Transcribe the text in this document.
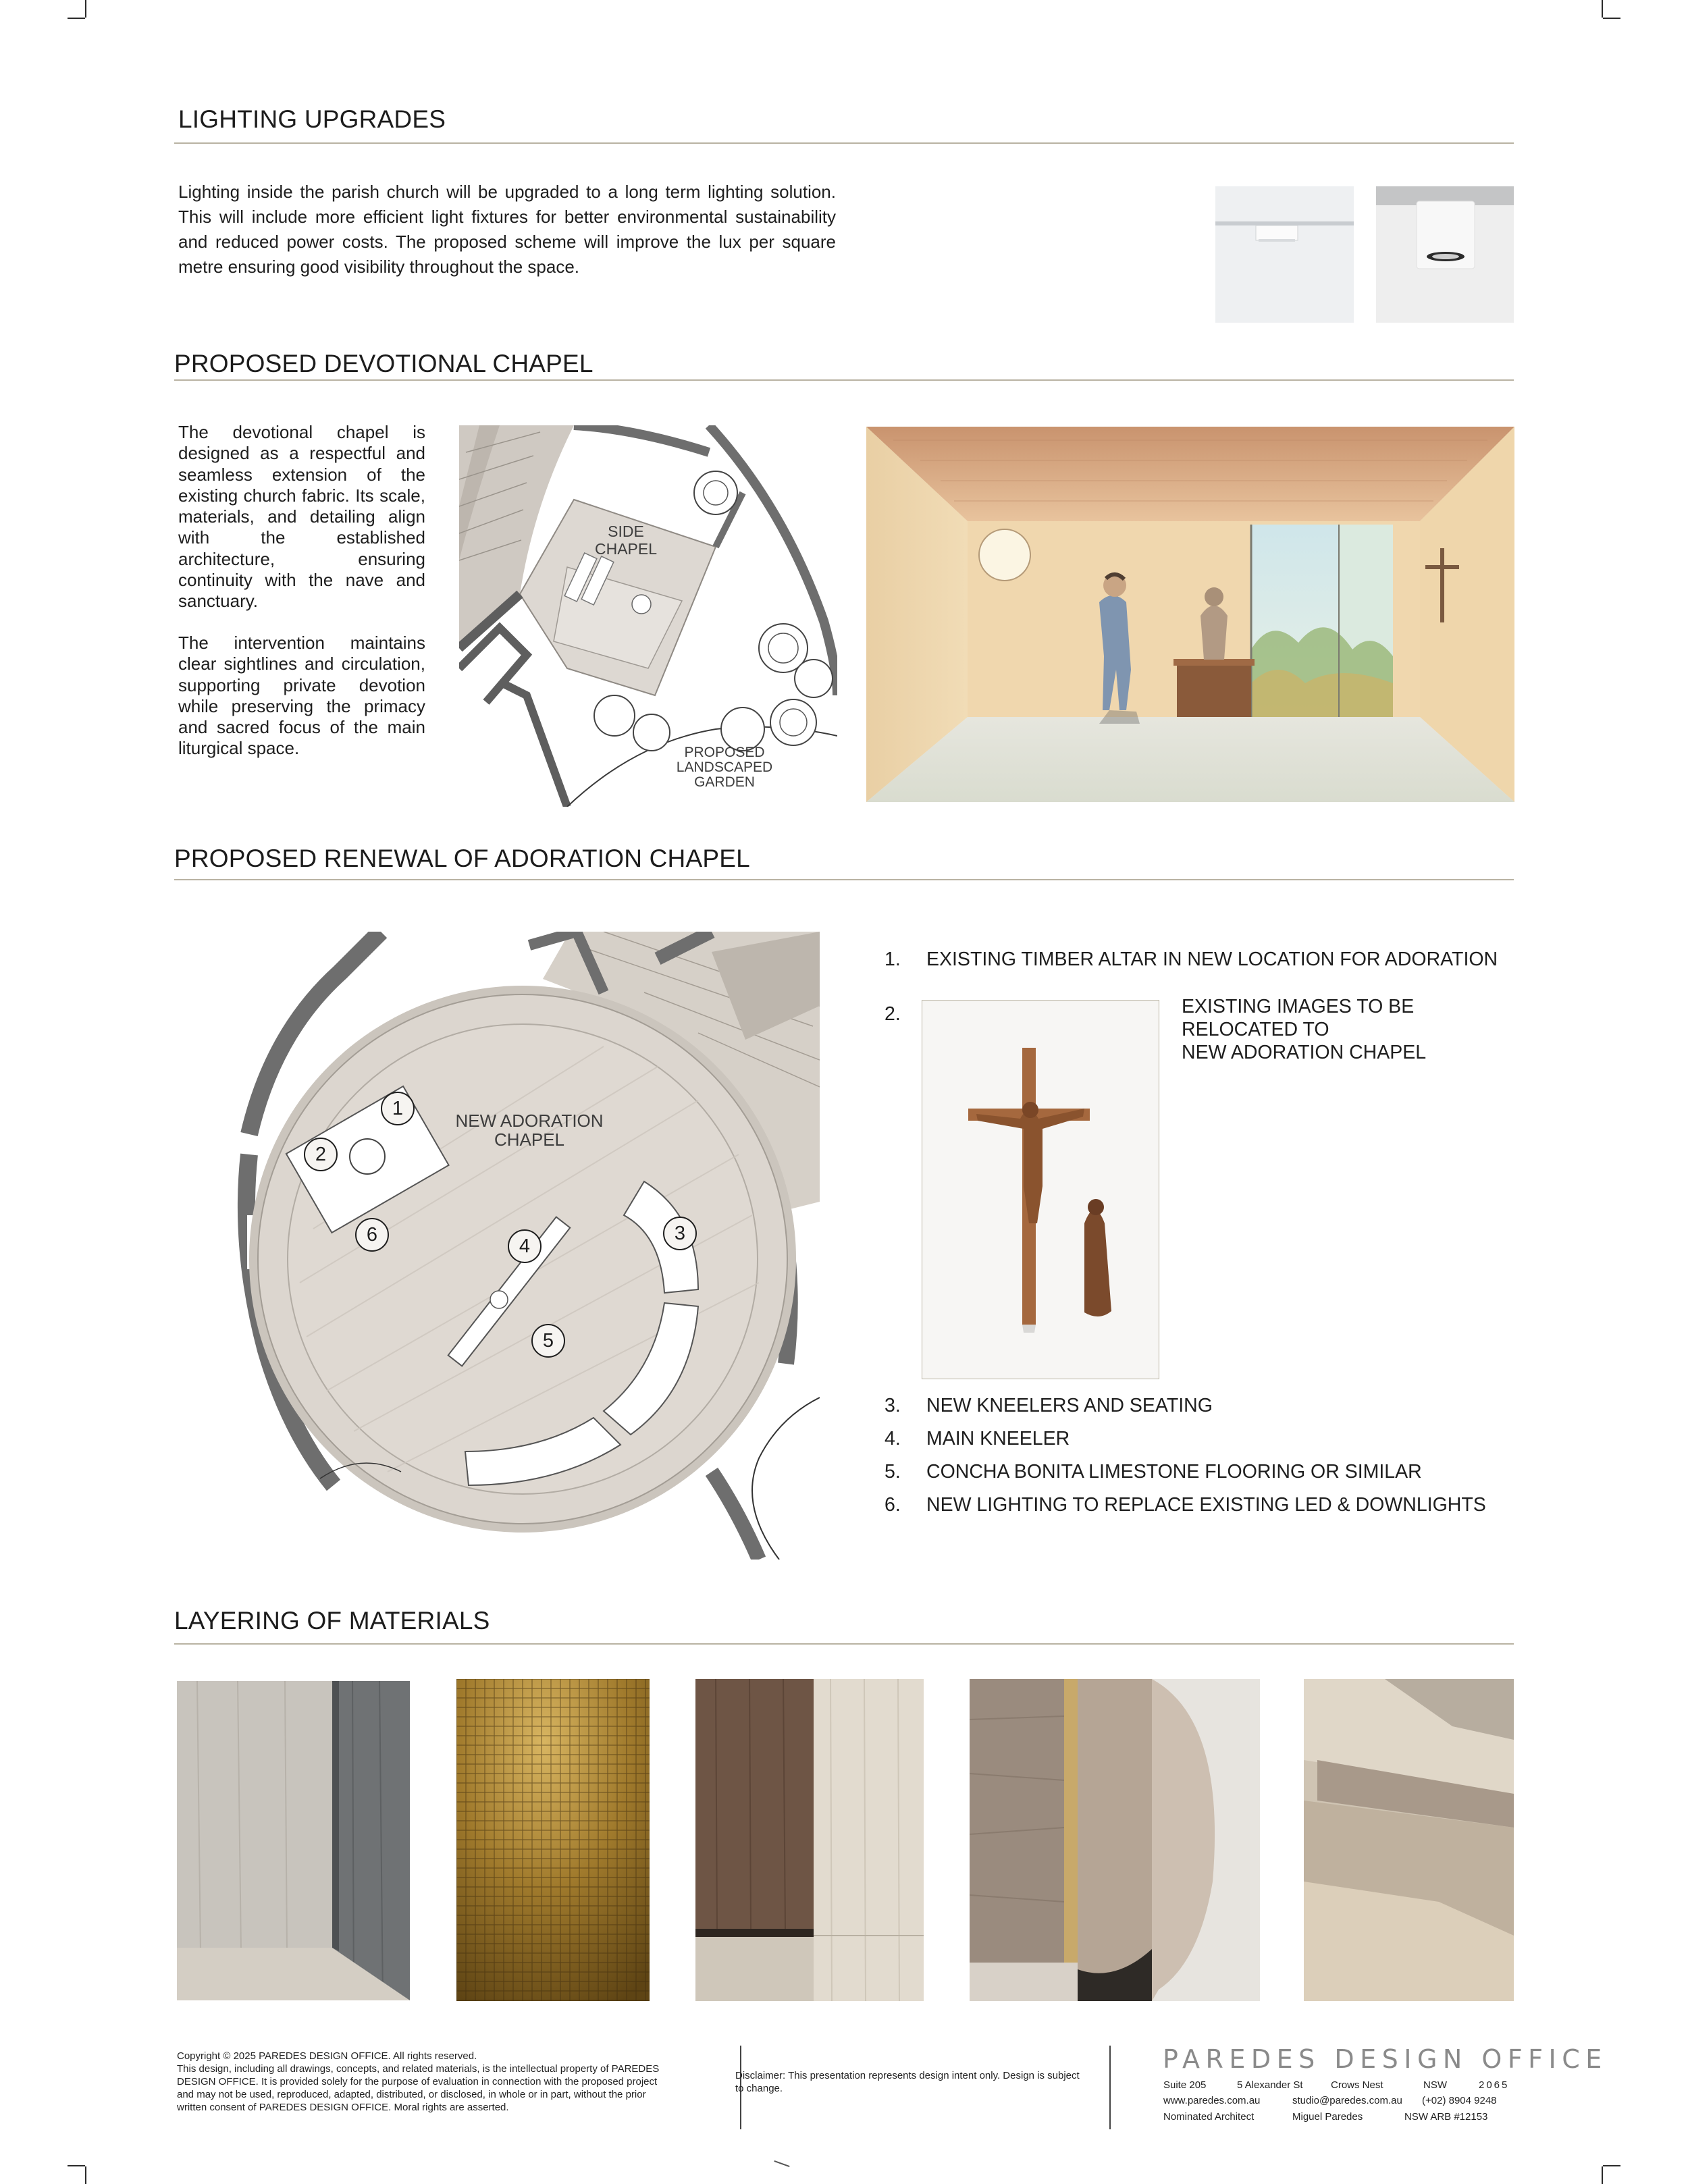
LIGHTING UPGRADES
Lighting inside the parish church will be upgraded to a long term lighting solution. This will include more efficient light fixtures for better environmental sustainability and reduced power costs. The proposed scheme will improve the lux per square metre ensuring good visibility throughout the space.
PROPOSED DEVOTIONAL CHAPEL
The devotional chapel is designed as a respectful and seamless extension of the existing church fabric. Its scale, materials, and detailing align with the established architecture, ensuring continuity with the nave and sanctuary.
The intervention maintains clear sightlines and circulation, supporting private devotion while preserving the primacy and sacred focus of the main liturgical space.
SIDE CHAPEL
PROPOSED
LANDSCAPED
GARDEN
PROPOSED RENEWAL OF ADORATION CHAPEL
NEW ADORATION
CHAPEL
1
2
3
4
5
6
1. EXISTING TIMBER ALTAR IN NEW LOCATION FOR ADORATION
2.	EXISTING IMAGES TO BE
RELOCATED TO
NEW ADORATION CHAPEL
3. NEW KNEELERS AND SEATING
4. MAIN KNEELER
5. CONCHA BONITA LIMESTONE FLOORING OR SIMILAR
6. NEW LIGHTING TO REPLACE EXISTING LED & DOWNLIGHTS
LAYERING OF MATERIALS
Copyright © 2025 PAREDES DESIGN OFFICE. All rights reserved.
This design, including all drawings, concepts, and related materials, is the intellectual property of PAREDES DESIGN OFFICE. It is provided solely for the purpose of evaluation in connection with the proposed project and may not be used, reproduced, adapted, distributed, or disclosed, in whole or in part, without the prior written consent of PAREDES DESIGN OFFICE. Moral rights are asserted.
Disclaimer: This presentation represents design intent only. Design is subject to change.
PAREDES DESIGN OFFICE
Suite 205	5 Alexander St	Crows Nest	NSW	2065
www.paredes.com.au	studio@paredes.com.au (+02) 8904 9248
Nominated Architect	Miguel Paredes	NSW ARB #12153
